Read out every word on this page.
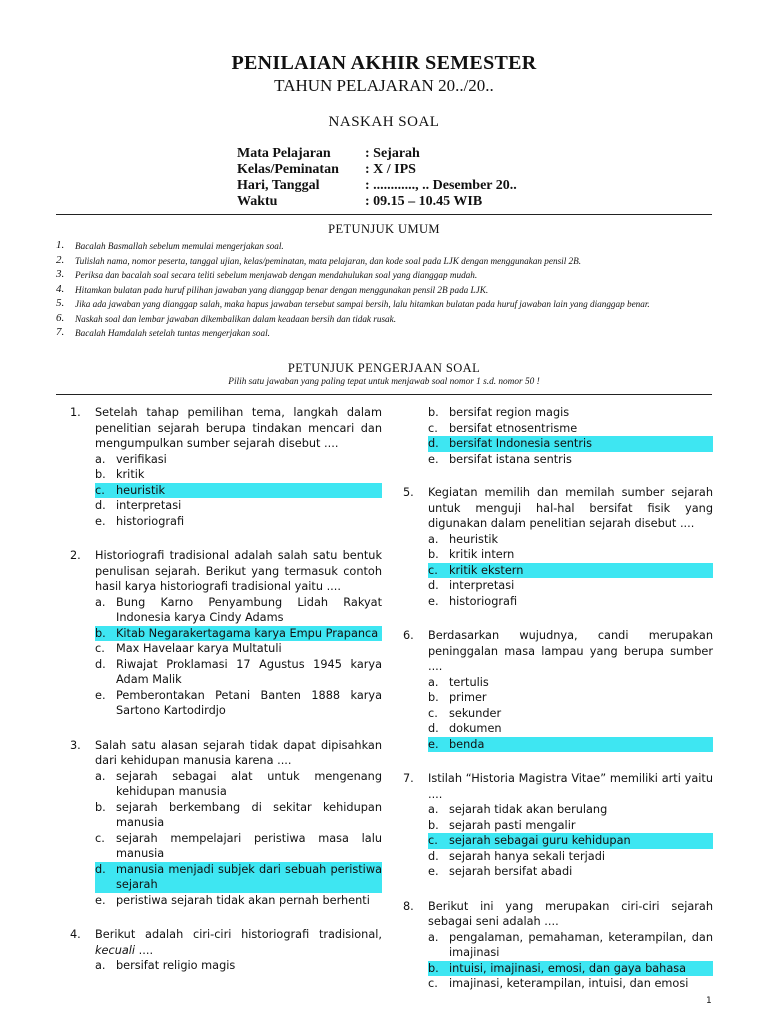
PENILAIAN AKHIR SEMESTER
TAHUN PELAJARAN 20../20..
NASKAH SOAL
Mata Pelajaran	: Sejarah
Kelas/Peminatan	: X / IPS
Hari, Tanggal	: ............, .. Desember 20..
Waktu	: 09.15 – 10.45 WIB
PETUNJUK UMUM
1.	Bacalah Basmallah sebelum memulai mengerjakan soal.
2.	Tulislah nama, nomor peserta, tanggal ujian, kelas/peminatan, mata pelajaran, dan kode soal pada LJK dengan menggunakan pensil 2B.
3.	Periksa dan bacalah soal secara teliti sebelum menjawab dengan mendahulukan soal yang dianggap mudah.
4.	Hitamkan bulatan pada huruf pilihan jawaban yang dianggap benar dengan menggunakan pensil 2B pada LJK.
5.	Jika ada jawaban yang dianggap salah, maka hapus jawaban tersebut sampai bersih, lalu hitamkan bulatan pada huruf jawaban lain yang dianggap benar.
6.	Naskah soal dan lembar jawaban dikembalikan dalam keadaan bersih dan tidak rusak.
7.	Bacalah Hamdalah setelah tuntas mengerjakan soal.
PETUNJUK PENGERJAAN SOAL
Pilih satu jawaban yang paling tepat untuk menjawab soal nomor 1 s.d. nomor 50 !
1.	Setelah tahap pemilihan tema, langkah dalam penelitian sejarah berupa tindakan mencari dan mengumpulkan sumber sejarah disebut ....
a. verifikasi
b. kritik
c. heuristik
d. interpretasi
e. historiografi
2.	Historiografi tradisional adalah salah satu bentuk penulisan sejarah. Berikut yang termasuk contoh hasil karya historiografi tradisional yaitu ....
a. Bung Karno Penyambung Lidah Rakyat Indonesia karya Cindy Adams
b. Kitab Negarakertagama karya Empu Prapanca
c. Max Havelaar karya Multatuli
d. Riwajat Proklamasi 17 Agustus 1945 karya Adam Malik
e. Pemberontakan Petani Banten 1888 karya Sartono Kartodirdjo
3.	Salah satu alasan sejarah tidak dapat dipisahkan dari kehidupan manusia karena ....
a. sejarah sebagai alat untuk mengenang kehidupan manusia
b. sejarah berkembang di sekitar kehidupan manusia
c. sejarah mempelajari peristiwa masa lalu manusia
d. manusia menjadi subjek dari sebuah peristiwa sejarah
e. peristiwa sejarah tidak akan pernah berhenti
4.	Berikut adalah ciri-ciri historiografi tradisional, kecuali ....
a. bersifat religio magis
b. bersifat region magis
c. bersifat etnosentrisme
d. bersifat Indonesia sentris
e. bersifat istana sentris
5.	Kegiatan memilih dan memilah sumber sejarah untuk menguji hal-hal bersifat fisik yang digunakan dalam penelitian sejarah disebut ....
a. heuristik
b. kritik intern
c. kritik ekstern
d. interpretasi
e. historiografi
6.	Berdasarkan wujudnya, candi merupakan peninggalan masa lampau yang berupa sumber ....
a. tertulis
b. primer
c. sekunder
d. dokumen
e. benda
7.	Istilah “Historia Magistra Vitae” memiliki arti yaitu ....
a. sejarah tidak akan berulang
b. sejarah pasti mengalir
c. sejarah sebagai guru kehidupan
d. sejarah hanya sekali terjadi
e. sejarah bersifat abadi
8.	Berikut ini yang merupakan ciri-ciri sejarah sebagai seni adalah ....
a. pengalaman, pemahaman, keterampilan, dan imajinasi
b. intuisi, imajinasi, emosi, dan gaya bahasa
c. imajinasi, keterampilan, intuisi, dan emosi
1
